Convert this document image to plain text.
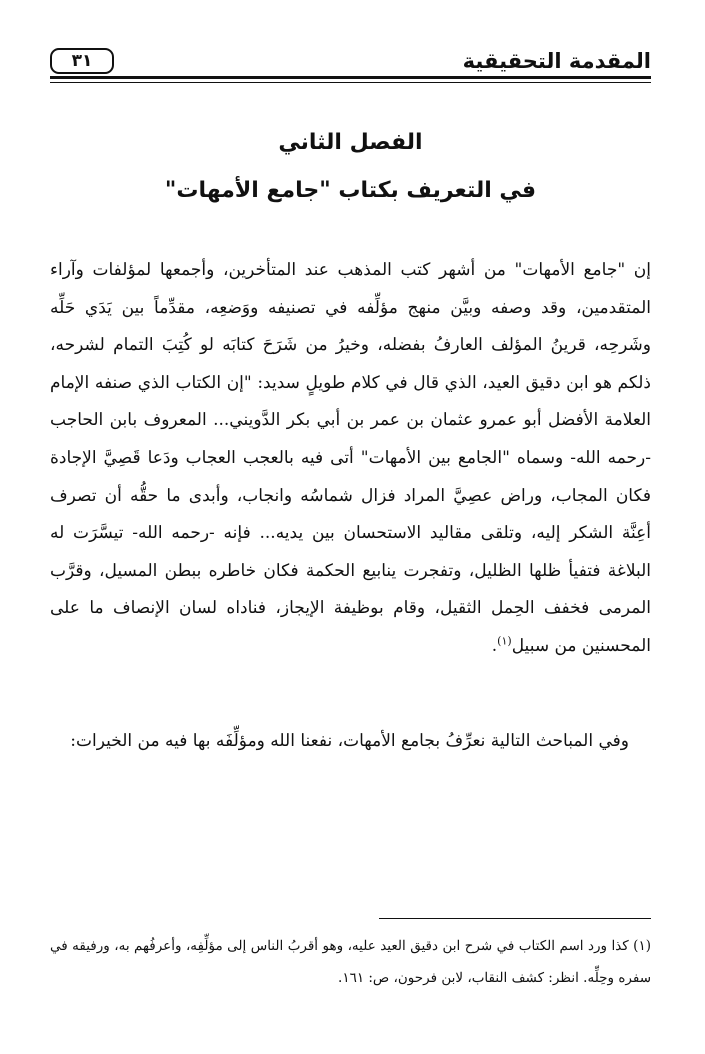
المقدمة التحقيقية
٣١
الفصل الثاني
في التعريف بكتاب "جامع الأمهات"

إن "جامع الأمهات" من أشهر كتب المذهب عند المتأخرين، وأجمعها لمؤلفات وآراء المتقدمين، وقد وصفه وبيَّن منهج مؤلِّفه في تصنيفه ووَضعِه، مقدِّماً بين يَدَي حَلِّه وشَرحِه، قرينُ المؤلف العارفُ بفضله، وخيرُ من شَرَحَ كتابَه لو كُتِبَ التمام لشرحه، ذلكم هو ابن دقيق العيد، الذي قال في كلام طويلٍ سديد: "إن الكتاب الذي صنفه الإمام العلامة الأفضل أبو عمرو عثمان بن عمر بن أبي بكر الدَّويني... المعروف بابن الحاجب -رحمه الله- وسماه "الجامع بين الأمهات" أتى فيه بالعجب العجاب ودَعا قَصِيَّ الإجادة فكان المجاب، وراض عصِيَّ المراد فزال شماسُه وانجاب، وأبدى ما حقُّه أن تصرف أعِنَّة الشكر إليه، وتلقى مقاليد الاستحسان بين يديه... فإنه -رحمه الله- تيسَّرَت له البلاغة فتفيأ ظلها الظليل، وتفجرت ينابيع الحكمة فكان خاطره ببطن المسيل، وقرَّب المرمى فخفف الحِمل الثقيل، وقام بوظيفة الإيجاز، فناداه لسان الإنصاف ما على المحسنين من سبيل$^{(١)}$.

وفي المباحث التالية نعرِّفُ بجامع الأمهات، نفعنا الله ومؤلِّفَه بها فيه من الخيرات:

(١) كذا ورد اسم الكتاب في شرح ابن دقيق العيد عليه، وهو أقربُ الناس إلى مؤلِّفِه، وأعرفُهم به، ورفيقه في سفره وحِلِّه. انظر: كشف النقاب، لابن فرحون، ص: ١٦١.
